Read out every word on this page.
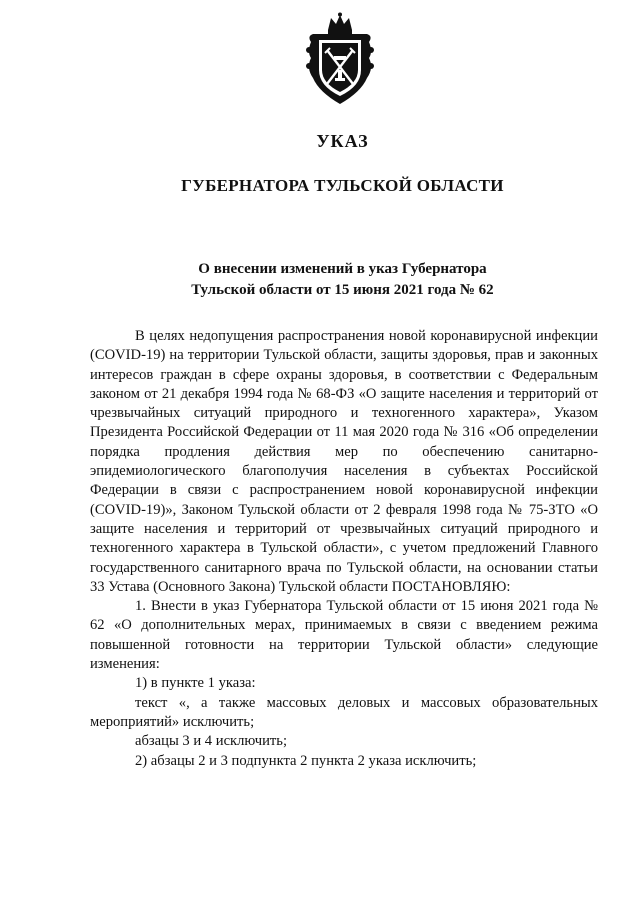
УКАЗ
ГУБЕРНАТОРА ТУЛЬСКОЙ ОБЛАСТИ
О внесении изменений в указ Губернатора
Тульской области от 15 июня 2021 года № 62

В целях недопущения распространения новой коронавирусной инфекции (COVID-19) на территории Тульской области, защиты здоровья, прав и законных интересов граждан в сфере охраны здоровья, в соответствии с Федеральным законом от 21 декабря 1994 года № 68-ФЗ «О защите населения и территорий от чрезвычайных ситуаций природного и техногенного характера», Указом Президента Российской Федерации от 11 мая 2020 года № 316 «Об определении порядка продления действия мер по обеспечению санитарно-эпидемиологического благополучия населения в субъектах Российской Федерации в связи с распространением новой коронавирусной инфекции (COVID-19)», Законом Тульской области от 2 февраля 1998 года № 75-ЗТО «О защите населения и территорий от чрезвычайных ситуаций природного и техногенного характера в Тульской области», с учетом предложений Главного государственного санитарного врача по Тульской области, на основании статьи 33 Устава (Основного Закона) Тульской области ПОСТАНОВЛЯЮ:

1. Внести в указ Губернатора Тульской области от 15 июня 2021 года № 62 «О дополнительных мерах, принимаемых в связи с введением режима повышенной готовности на территории Тульской области» следующие изменения:

1) в пункте 1 указа:

текст «, а также массовых деловых и массовых образовательных мероприятий» исключить;

абзацы 3 и 4 исключить;

2) абзацы 2 и 3 подпункта 2 пункта 2 указа исключить;
